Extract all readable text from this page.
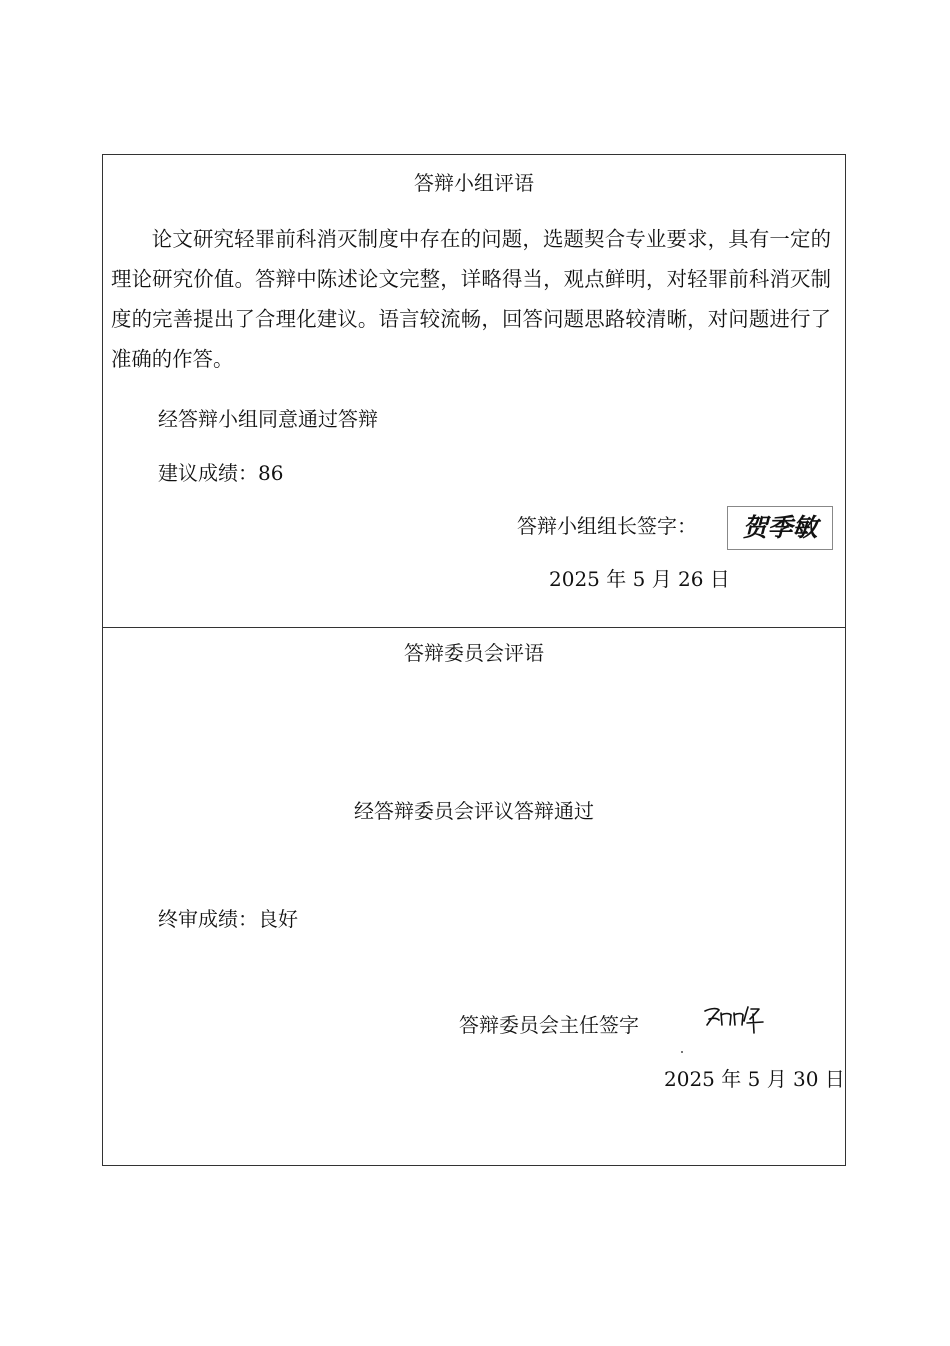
答辩小组评语
论文研究轻罪前科消灭制度中存在的问题，选题契合专业要求，具有一定的理论研究价值。答辩中陈述论文完整，详略得当，观点鲜明，对轻罪前科消灭制度的完善提出了合理化建议。语言较流畅，回答问题思路较清晰，对问题进行了准确的作答。
经答辩小组同意通过答辩
建议成绩：86
答辩小组组长签字： 贺季敏
2025 年 5 月 26 日
答辩委员会评语
经答辩委员会评议答辩通过
终审成绩：良好
答辩委员会主任签字
2025 年 5 月 30 日
